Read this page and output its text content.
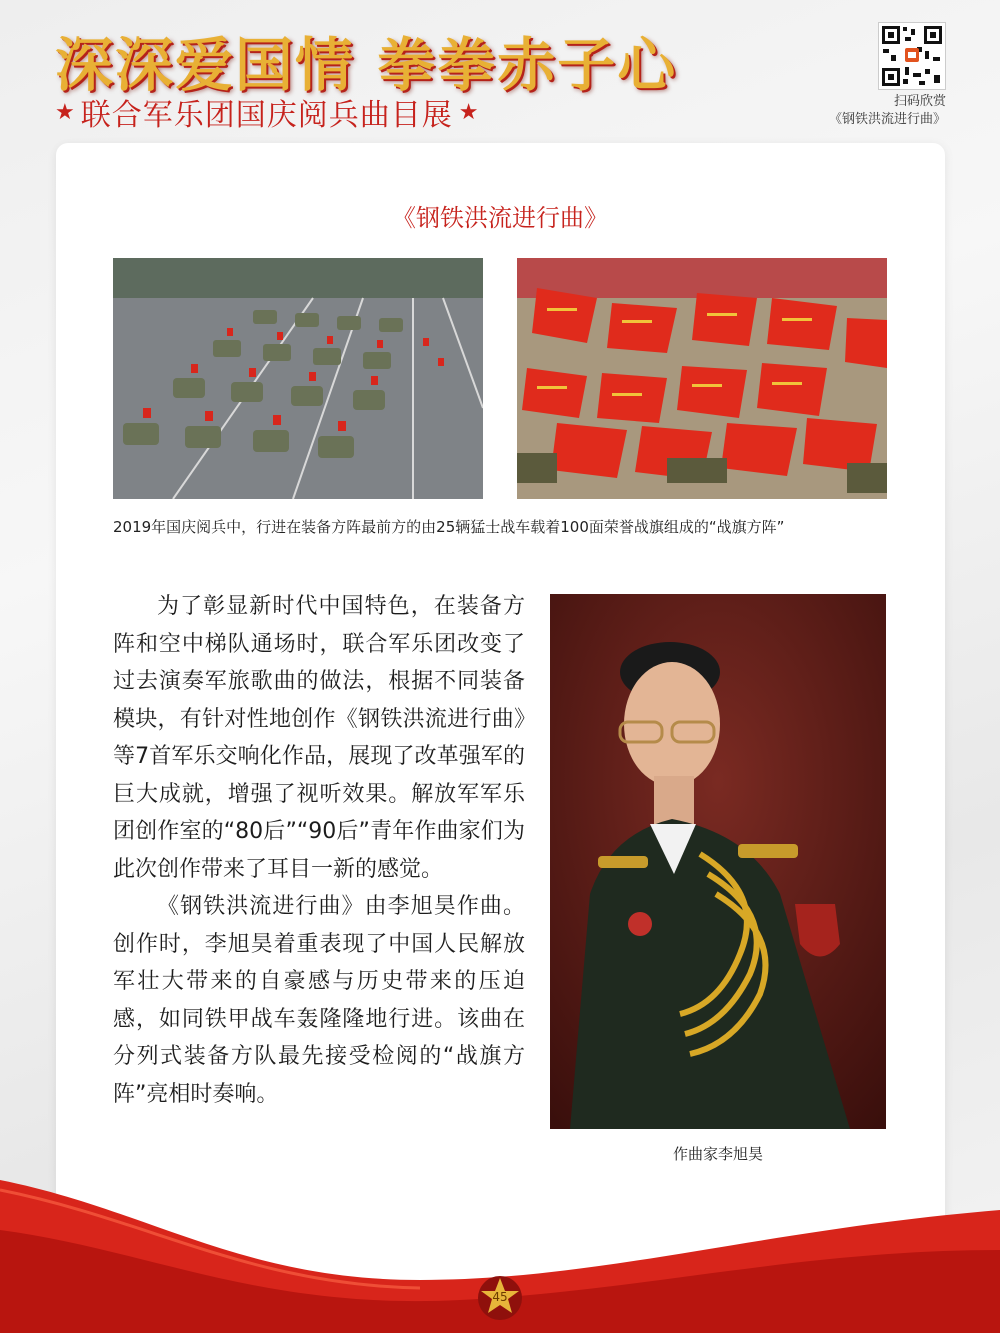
深深爱国情 拳拳赤子心
★ 联合军乐团国庆阅兵曲目展 ★	扫码欣赏
《钢铁洪流进行曲》
《钢铁洪流进行曲》
2019年国庆阅兵中，行进在装备方阵最前方的由25辆猛士战车载着100面荣誉战旗组成的“战旗方阵”

为了彰显新时代中国特色，在装备方阵和空中梯队通场时，联合军乐团改变了过去演奏军旅歌曲的做法，根据不同装备模块，有针对性地创作《钢铁洪流进行曲》等7首军乐交响化作品，展现了改革强军的巨大成就，增强了视听效果。解放军军乐团创作室的“80后”“90后”青年作曲家们为此次创作带来了耳目一新的感觉。

《钢铁洪流进行曲》由李旭昊作曲。创作时，李旭昊着重表现了中国人民解放军壮大带来的自豪感与历史带来的压迫感，如同铁甲战车轰隆隆地行进。该曲在分列式装备方队最先接受检阅的“战旗方阵”亮相时奏响。

作曲家李旭昊
45
